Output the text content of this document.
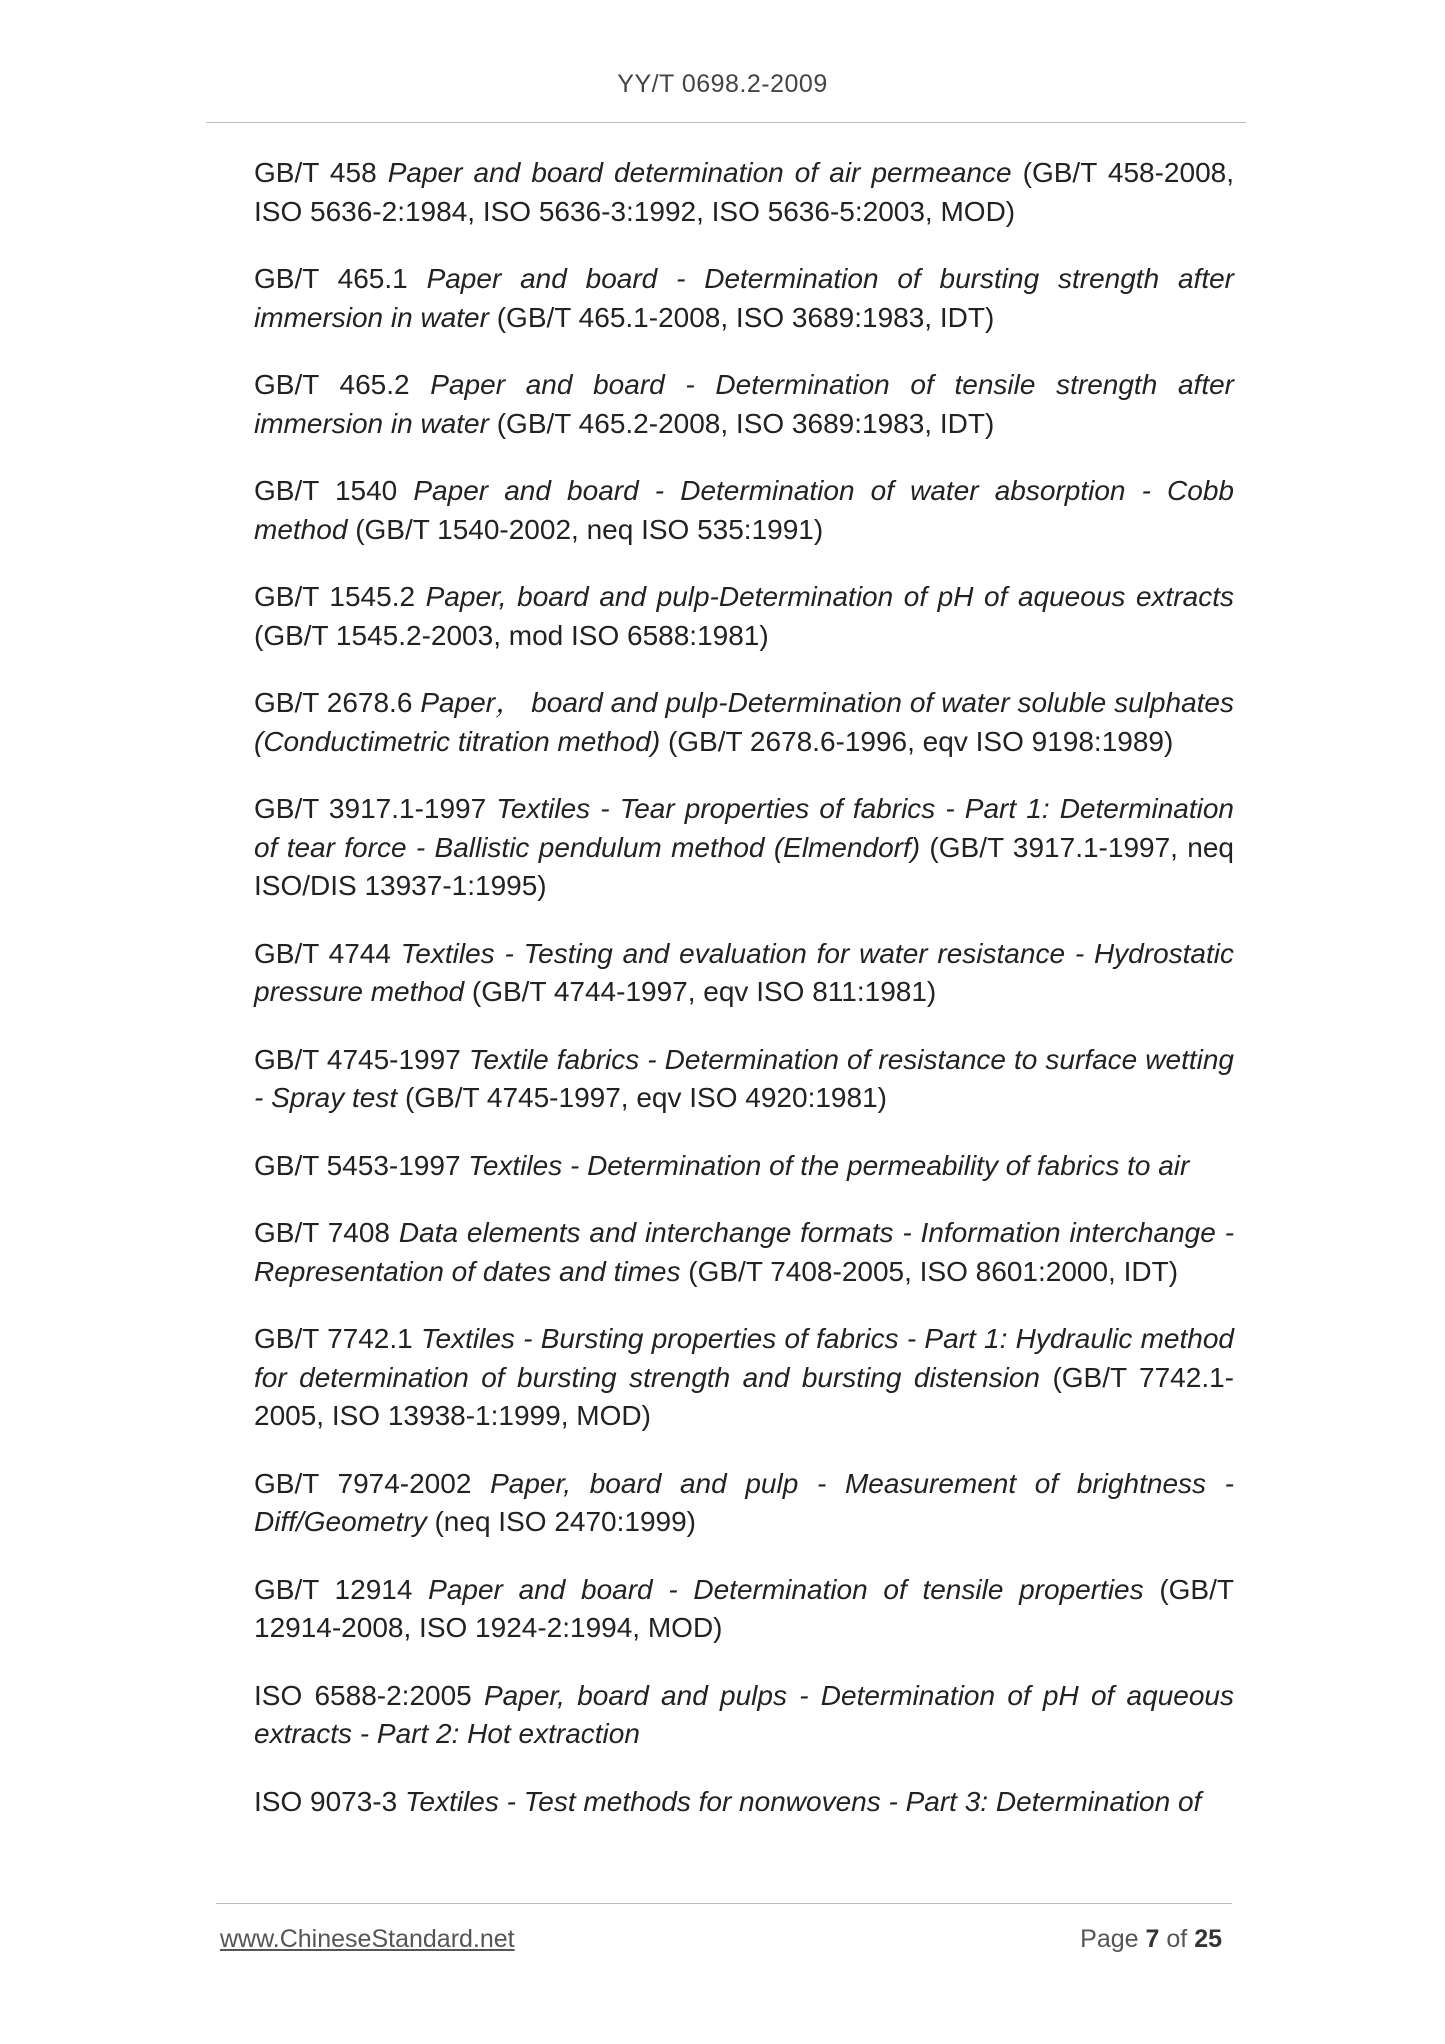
YY/T 0698.2-2009

GB/T 458 Paper and board determination of air permeance (GB/T 458-2008, ISO 5636-2:1984, ISO 5636-3:1992, ISO 5636-5:2003, MOD)

GB/T 465.1 Paper and board - Determination of bursting strength after immersion in water (GB/T 465.1-2008, ISO 3689:1983, IDT)

GB/T 465.2 Paper and board - Determination of tensile strength after immersion in water (GB/T 465.2-2008, ISO 3689:1983, IDT)

GB/T 1540 Paper and board - Determination of water absorption - Cobb method (GB/T 1540-2002, neq ISO 535:1991)

GB/T 1545.2 Paper, board and pulp-Determination of pH of aqueous extracts (GB/T 1545.2-2003, mod ISO 6588:1981)

GB/T 2678.6 Paper， board and pulp-Determination of water soluble sulphates (Conductimetric titration method) (GB/T 2678.6-1996, eqv ISO 9198:1989)

GB/T 3917.1-1997 Textiles - Tear properties of fabrics - Part 1: Determination of tear force - Ballistic pendulum method (Elmendorf) (GB/T 3917.1-1997, neq ISO/DIS 13937-1:1995)

GB/T 4744 Textiles - Testing and evaluation for water resistance - Hydrostatic pressure method (GB/T 4744-1997, eqv ISO 811:1981)

GB/T 4745-1997 Textile fabrics - Determination of resistance to surface wetting - Spray test (GB/T 4745-1997, eqv ISO 4920:1981)

GB/T 5453-1997 Textiles - Determination of the permeability of fabrics to air

GB/T 7408 Data elements and interchange formats - Information interchange - Representation of dates and times (GB/T 7408-2005, ISO 8601:2000, IDT)

GB/T 7742.1 Textiles - Bursting properties of fabrics - Part 1: Hydraulic method for determination of bursting strength and bursting distension (GB/T 7742.1-2005, ISO 13938-1:1999, MOD)

GB/T 7974-2002 Paper, board and pulp - Measurement of brightness - Diff/Geometry (neq ISO 2470:1999)

GB/T 12914 Paper and board - Determination of tensile properties (GB/T 12914-2008, ISO 1924-2:1994, MOD)

ISO 6588-2:2005 Paper, board and pulps - Determination of pH of aqueous extracts - Part 2: Hot extraction

ISO 9073-3 Textiles - Test methods for nonwovens - Part 3: Determination of

www.ChineseStandard.net	Page 7 of 25
